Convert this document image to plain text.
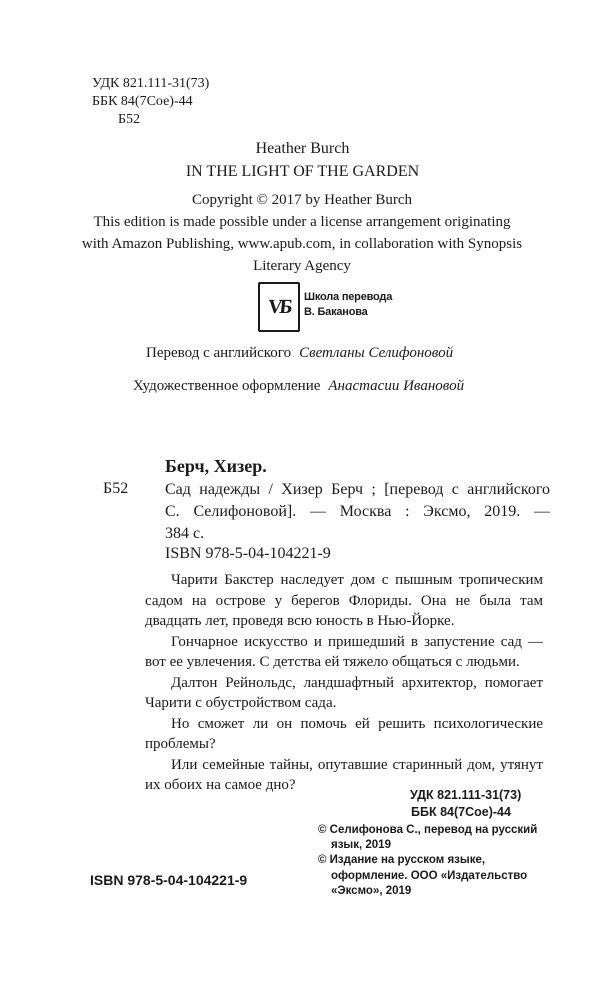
УДК 821.111-31(73)
ББК 84(7Сое)-44
Б52
Heather Burch
IN THE LIGHT OF THE GARDEN
Copyright © 2017 by Heather Burch
This edition is made possible under a license arrangement originating
with Amazon Publishing, www.apub.com, in collaboration with Synopsis
Literary Agency
VБ Школа перевода
В. Баканова
Перевод с английского Светланы Селифоновой
Художественное оформление Анастасии Ивановой
Берч, Хизер.
Б52 Сад надежды / Хизер Берч ; [перевод с английского
С. Селифоновой]. — Москва : Эксмо, 2019. —
384 с.
ISBN 978-5-04-104221-9

Чарити Бакстер наследует дом с пышным тропическим садом на острове у берегов Флориды. Она не была там двадцать лет, проведя всю юность в Нью-Йорке.

Гончарное искусство и пришедший в запустение сад — вот ее увлечения. С детства ей тяжело общаться с людьми.

Далтон Рейнольдс, ландшафтный архитектор, помогает Чарити с обустройством сада.

Но сможет ли он помочь ей решить психологические проблемы?

Или семейные тайны, опутавшие старинный дом, утянут их обоих на самое дно?

УДК 821.111-31(73)
ББК 84(7Сое)-44
© Селифонова С., перевод на русский язык, 2019
© Издание на русском языке, оформление. ООО «Издательство «Эксмо», 2019
ISBN 978-5-04-104221-9
